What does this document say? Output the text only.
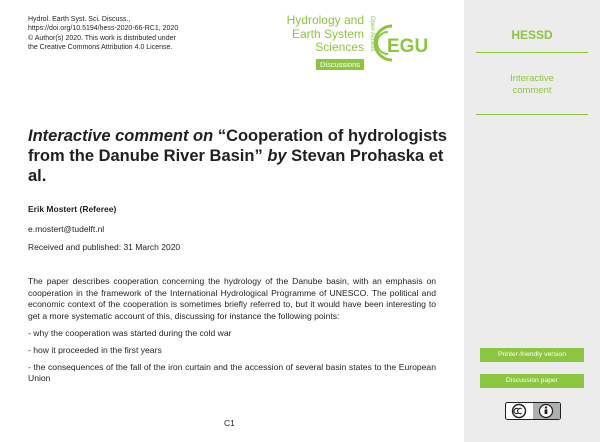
Hydrol. Earth Syst. Sci. Discuss.,
https://doi.org/10.5194/hess-2020-66-RC1, 2020
© Author(s) 2020. This work is distributed under
the Creative Commons Attribution 4.0 License.
Hydrology and
Earth System
Sciences
Discussions
Open Access EGU
HESSD
Interactive
comment
Printer-friendly version
Discussion paper
Interactive comment on “Cooperation of hydrologists from the Danube River Basin” by Stevan Prohaska et al.
Erik Mostert (Referee)
e.mostert@tudelft.nl
Received and published: 31 March 2020

The paper describes cooperation concerning the hydrology of the Danube basin, with an emphasis on cooperation in the framework of the International Hydrological Programme of UNESCO. The political and economic context of the cooperation is sometimes briefly referred to, but it would have been interesting to get a more systematic account of this, discussing for instance the following points:

- why the cooperation was started during the cold war

- how it proceeded in the first years

- the consequences of the fall of the iron curtain and the accession of several basin states to the European Union

C1
